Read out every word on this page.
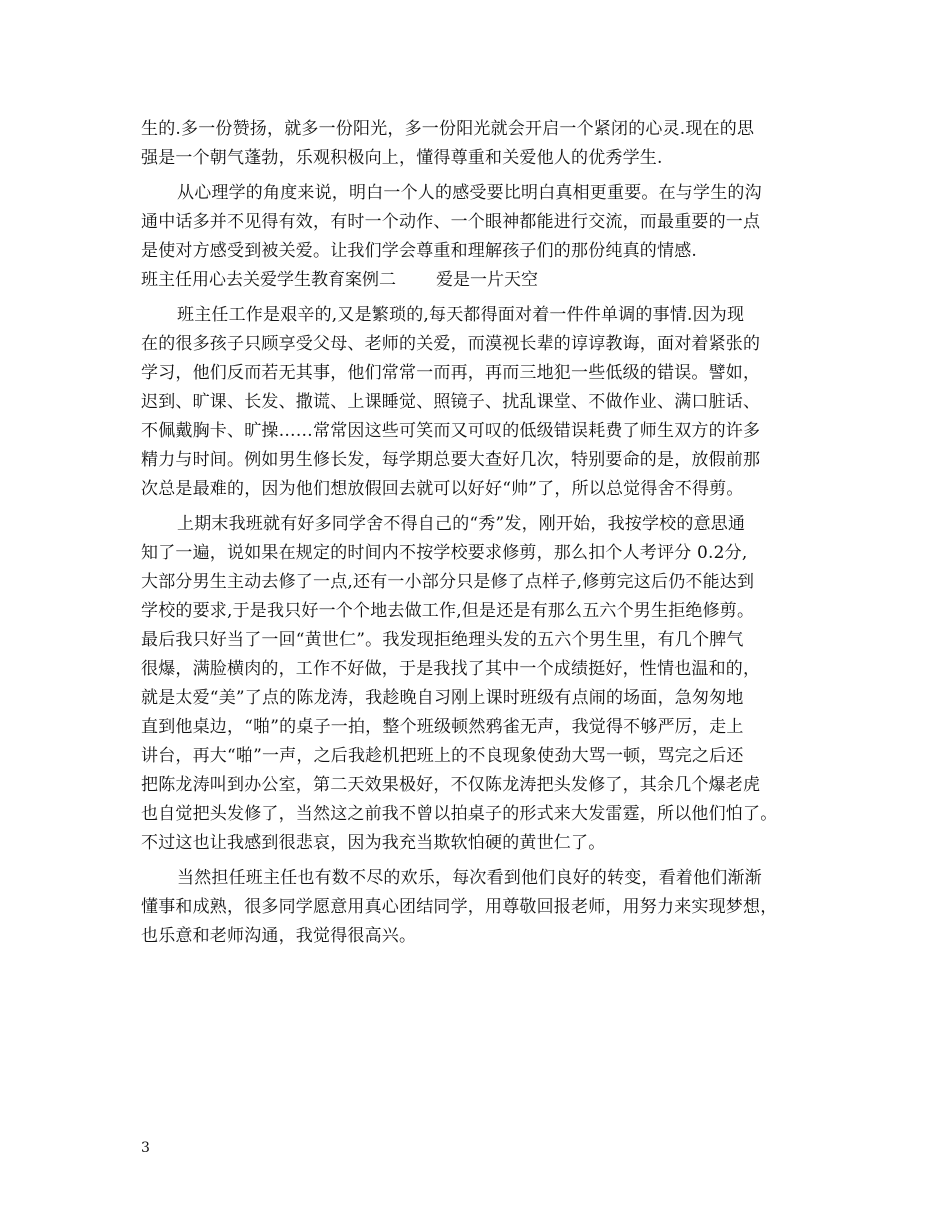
生的.多一份赞扬，就多一份阳光，多一份阳光就会开启一个紧闭的心灵.现在的思
强是一个朝气蓬勃，乐观积极向上，懂得尊重和关爱他人的优秀学生.
从心理学的角度来说，明白一个人的感受要比明白真相更重要。在与学生的沟
通中话多并不见得有效，有时一个动作、一个眼神都能进行交流，而最重要的一点
是使对方感受到被关爱。让我们学会尊重和理解孩子们的那份纯真的情感.
班主任用心去关爱学生教育案例二 爱是一片天空
班主任工作是艰辛的,又是繁琐的,每天都得面对着一件件单调的事情.因为现
在的很多孩子只顾享受父母、老师的关爱，而漠视长辈的谆谆教诲，面对着紧张的
学习，他们反而若无其事，他们常常一而再，再而三地犯一些低级的错误。譬如，
迟到、旷课、长发、撒谎、上课睡觉、照镜子、扰乱课堂、不做作业、满口脏话、
不佩戴胸卡、旷操……常常因这些可笑而又可叹的低级错误耗费了师生双方的许多
精力与时间。例如男生修长发，每学期总要大查好几次，特别要命的是，放假前那
次总是最难的，因为他们想放假回去就可以好好“帅”了，所以总觉得舍不得剪。
上期末我班就有好多同学舍不得自己的“秀”发，刚开始，我按学校的意思通
知了一遍，说如果在规定的时间内不按学校要求修剪，那么扣个人考评分 0.2分,
大部分男生主动去修了一点,还有一小部分只是修了点样子,修剪完这后仍不能达到
学校的要求,于是我只好一个个地去做工作,但是还是有那么五六个男生拒绝修剪。
最后我只好当了一回“黄世仁”。我发现拒绝理头发的五六个男生里，有几个脾气
很爆，满脸横肉的，工作不好做，于是我找了其中一个成绩挺好，性情也温和的，
就是太爱“美”了点的陈龙涛，我趁晚自习刚上课时班级有点闹的场面，急匆匆地
直到他桌边，“啪”的桌子一拍，整个班级顿然鸦雀无声，我觉得不够严厉，走上
讲台，再大“啪”一声，之后我趁机把班上的不良现象使劲大骂一顿，骂完之后还
把陈龙涛叫到办公室，第二天效果极好，不仅陈龙涛把头发修了，其余几个爆老虎
也自觉把头发修了，当然这之前我不曾以拍桌子的形式来大发雷霆，所以他们怕了。
不过这也让我感到很悲哀，因为我充当欺软怕硬的黄世仁了。
当然担任班主任也有数不尽的欢乐，每次看到他们良好的转变，看着他们渐渐
懂事和成熟，很多同学愿意用真心团结同学，用尊敬回报老师，用努力来实现梦想，
也乐意和老师沟通，我觉得很高兴。
3
